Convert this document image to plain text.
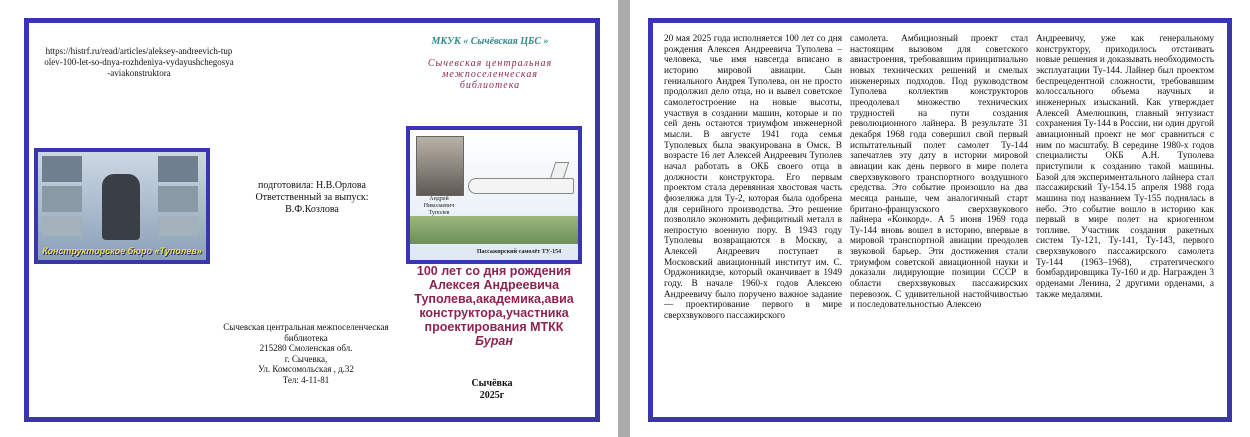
https://histrf.ru/read/articles/aleksey-andreevich-tupolev-100-let-so-dnya-rozhdeniya-vydayushchegosya-aviakonstruktora
МКУК « Сычёвская ЦБС »
Сычевская центральная межпоселенческая библиотека
Конструкторское бюро «Туполев»
подготовила: Н.В.Орлова
Ответственный за выпуск: В.Ф.Козлова
Андрей Николаевич Туполев
Пассажирский самолёт ТУ-154
100 лет со дня рождения Алексея Андреевича Туполева,академика,авиа конструктора,участника проектирования МТКК
Буран
Сычевская центральная межпоселенческая библиотека
215280 Смоленская обл.
г. Сычевка,
Ул. Комсомольская , д.32
Тел: 4-11-81	Сычёвка
2025г

20 мая 2025 года исполняется 100 лет со дня рождения Алексея Андреевича Туполева – человека, чье имя навсегда вписано в историю мировой авиации. Сын гениального Андрея Туполева, он не просто продолжил дело отца, но и вывел советское самолетостроение на новые высоты, участвуя в создании машин, которые и по сей день остаются триумфом инженерной мысли. В августе 1941 года семья Туполевых была эвакуирована в Омск. В возрасте 16 лет Алексей Андреевич Туполев начал работать в ОКБ своего отца в должности конструктора. Его первым проектом стала деревянная хвостовая часть фюзеляжа для Ту-2, которая была одобрена для серийного производства. Это решение позволило экономить дефицитный металл в непростую военную пору. В 1943 году Туполевы возвращаются в Москву, а Алексей Андреевич поступает в Московский авиационный институт им. С. Орджоникидзе, который оканчивает в 1949 году. В начале 1960-х годов Алексею Андреевичу было поручено важное задание — проектирование первого в мире сверхзвукового пассажирского

самолета. Амбициозный проект стал настоящим вызовом для советского авиастроения, требовавшим принципиально новых технических решений и смелых инженерных подходов. Под руководством Туполева коллектив конструкторов преодолевал множество технических трудностей на пути создания революционного лайнера. В результате 31 декабря 1968 года совершил свой первый испытательный полет самолет Ту-144 запечатлев эту дату в истории мировой авиации как день первого в мире полета сверхзвукового транспортного воздушного средства. Это событие произошло на два месяца раньше, чем аналогичный старт британо-французского сверхзвукового лайнера «Конкорд». А 5 июня 1969 года Ту-144 вновь вошел в историю, впервые в мировой транспортной авиации преодолев звуковой барьер. Эти достижения стали триумфом советской авиационной науки и доказали лидирующие позиции СССР в области сверхзвуковых пассажирских перевозок. С удивительной настойчивостью и последовательностью Алексею

Андреевичу, уже как генеральному конструктору, приходилось отстаивать новые решения и доказывать необходимость эксплуатации Ту-144. Лайнер был проектом беспрецедентной сложности, требовавшим колоссального объема научных и инженерных изысканий. Как утверждает Алексей Амелюшкин, главный энтузиаст сохранения Ту-144 в России, ни один другой авиационный проект не мог сравниться с ним по масштабу. В середине 1980-х годов специалисты ОКБ А.Н. Туполева приступили к созданию такой машины. Базой для экспериментального лайнера стал пассажирский Ту-154.15 апреля 1988 года машина под названием Ту-155 поднялась в небо. Это событие вошло в историю как первый в мире полет на криогенном топливе. Участник создания ракетных систем Ту-121, Ту-141, Ту-143, первого сверхзвукового пассажирского самолета Ту-144 (1963–1968), стратегического бомбардировщика Ту-160 и др. Награжден 3 орденами Ленина, 2 другими орденами, а также медалями.
